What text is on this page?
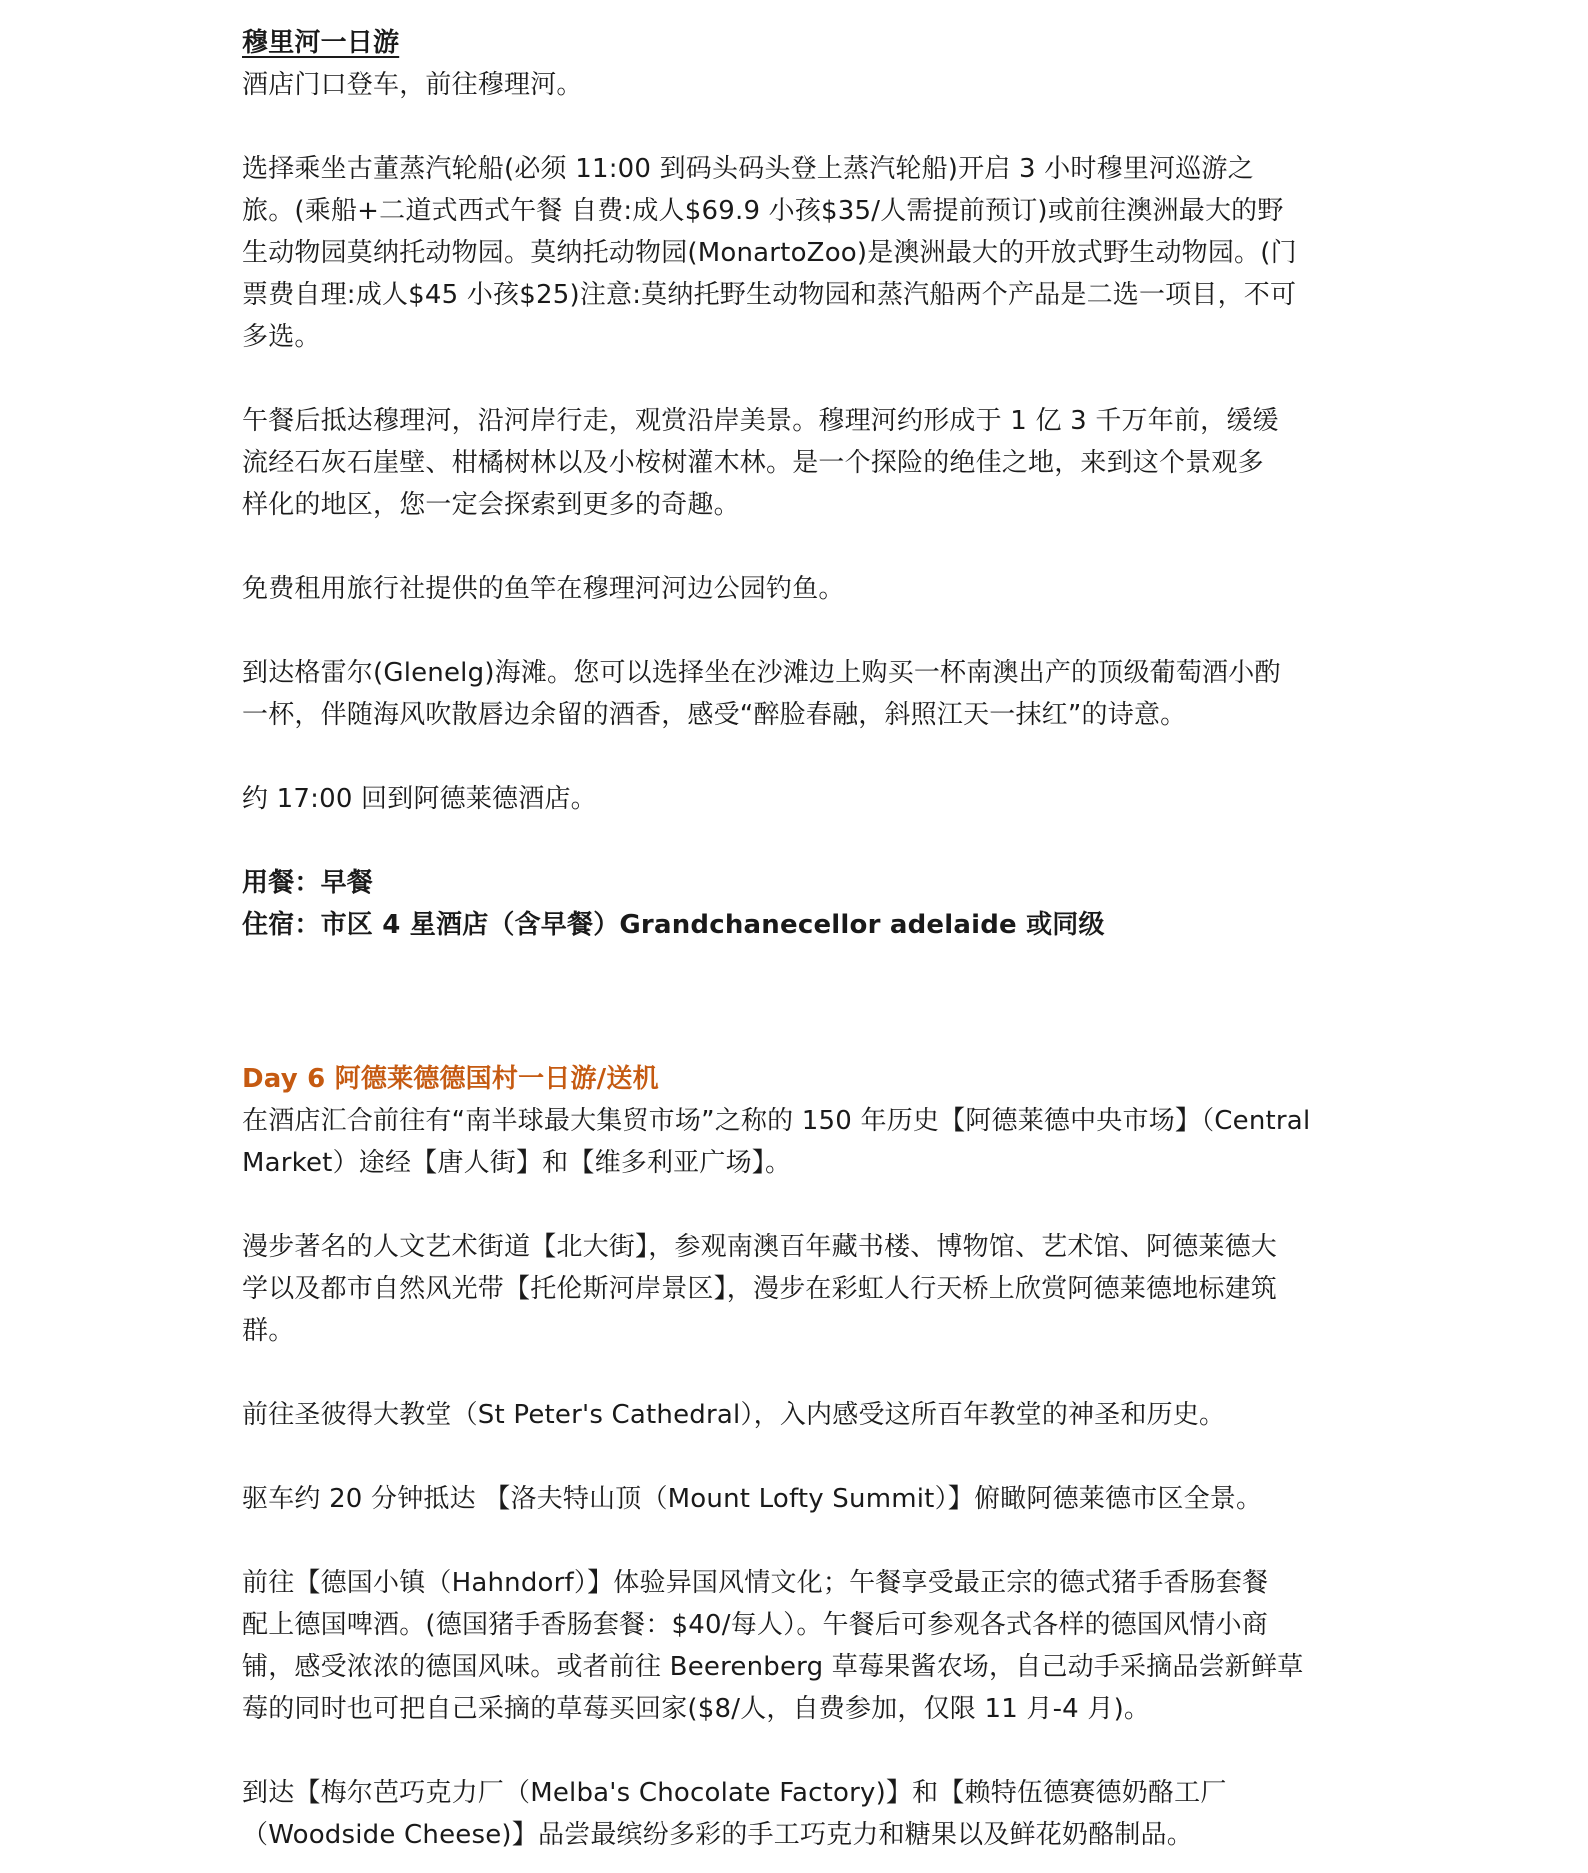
穆里河一日游
酒店门口登车，前往穆理河。
选择乘坐古董蒸汽轮船(必须 11:00 到码头码头登上蒸汽轮船)开启 3 小时穆里河巡游之
旅。(乘船+二道式西式午餐 自费:成人$69.9 小孩$35/人需提前预订)或前往澳洲最大的野
生动物园莫纳托动物园。莫纳托动物园(MonartoZoo)是澳洲最大的开放式野生动物园。(门
票费自理:成人$45 小孩$25)注意:莫纳托野生动物园和蒸汽船两个产品是二选一项目，不可
多选。
午餐后抵达穆理河，沿河岸行走，观赏沿岸美景。穆理河约形成于 1 亿 3 千万年前，缓缓
流经石灰石崖壁、柑橘树林以及小桉树灌木林。是一个探险的绝佳之地，来到这个景观多
样化的地区，您一定会探索到更多的奇趣。
免费租用旅行社提供的鱼竿在穆理河河边公园钓鱼。
到达格雷尔(Glenelg)海滩。您可以选择坐在沙滩边上购买一杯南澳出产的顶级葡萄酒小酌
一杯，伴随海风吹散唇边余留的酒香，感受“醉脸春融，斜照江天一抹红”的诗意。
约 17:00 回到阿德莱德酒店。
用餐：早餐
住宿：市区 4 星酒店（含早餐）Grandchanecellor adelaide 或同级
Day 6 阿德莱德德国村一日游/送机
在酒店汇合前往有“南半球最大集贸市场”之称的 150 年历史【阿德莱德中央市场】（Central
Market）途经【唐人街】和【维多利亚广场】。
漫步著名的人文艺术街道【北大街】，参观南澳百年藏书楼、博物馆、艺术馆、阿德莱德大
学以及都市自然风光带【托伦斯河岸景区】，漫步在彩虹人行天桥上欣赏阿德莱德地标建筑
群。
前往圣彼得大教堂（St Peter's Cathedral），入内感受这所百年教堂的神圣和历史。
驱车约 20 分钟抵达 【洛夫特山顶（Mount Lofty Summit）】俯瞰阿德莱德市区全景。
前往【德国小镇（Hahndorf）】体验异国风情文化；午餐享受最正宗的德式猪手香肠套餐
配上德国啤酒。(德国猪手香肠套餐：$40/每人）。午餐后可参观各式各样的德国风情小商
铺，感受浓浓的德国风味。或者前往 Beerenberg 草莓果酱农场，自己动手采摘品尝新鲜草
莓的同时也可把自己采摘的草莓买回家($8/人，自费参加，仅限 11 月-4 月)。
到达【梅尔芭巧克力厂（Melba's Chocolate Factory)】和【赖特伍德赛德奶酪工厂
（Woodside Cheese)】品尝最缤纷多彩的手工巧克力和糖果以及鲜花奶酪制品。
